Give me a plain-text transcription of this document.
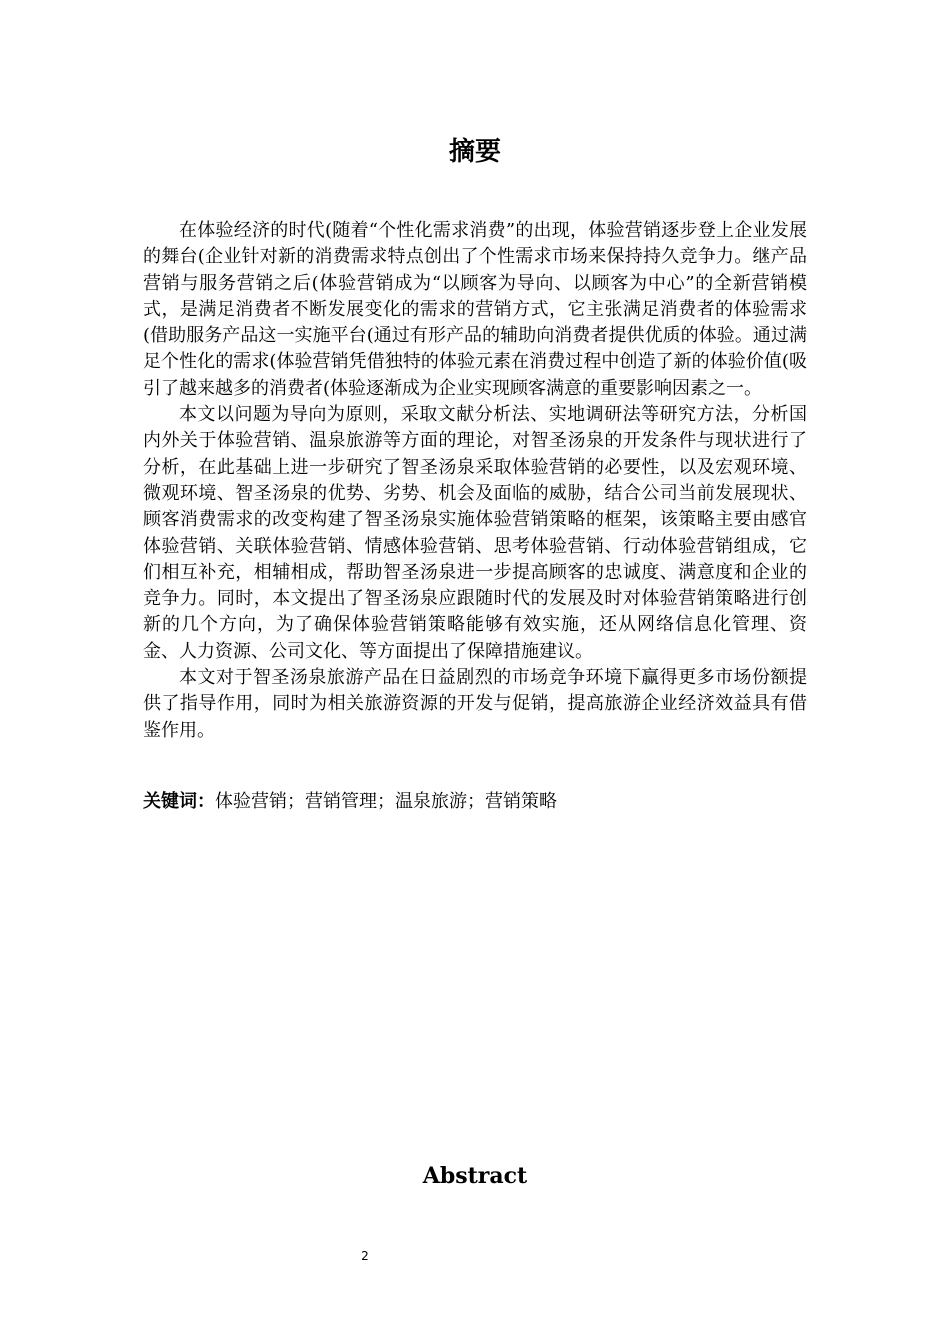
摘要

在体验经济的时代(随着“个性化需求消费”的出现，体验营销逐步登上企业发展的舞台(企业针对新的消费需求特点创出了个性需求市场来保持持久竞争力。继产品营销与服务营销之后(体验营销成为“以顾客为导向、以顾客为中心”的全新营销模式，是满足消费者不断发展变化的需求的营销方式，它主张满足消费者的体验需求(借助服务产品这一实施平台(通过有形产品的辅助向消费者提供优质的体验。通过满足个性化的需求(体验营销凭借独特的体验元素在消费过程中创造了新的体验价值(吸引了越来越多的消费者(体验逐渐成为企业实现顾客满意的重要影响因素之一。

本文以问题为导向为原则，采取文献分析法、实地调研法等研究方法，分析国内外关于体验营销、温泉旅游等方面的理论，对智圣汤泉的开发条件与现状进行了分析，在此基础上进一步研究了智圣汤泉采取体验营销的必要性，以及宏观环境、微观环境、智圣汤泉的优势、劣势、机会及面临的威胁，结合公司当前发展现状、顾客消费需求的改变构建了智圣汤泉实施体验营销策略的框架，该策略主要由感官体验营销、关联体验营销、情感体验营销、思考体验营销、行动体验营销组成，它们相互补充，相辅相成，帮助智圣汤泉进一步提高顾客的忠诚度、满意度和企业的竞争力。同时，本文提出了智圣汤泉应跟随时代的发展及时对体验营销策略进行创新的几个方向，为了确保体验营销策略能够有效实施，还从网络信息化管理、资金、人力资源、公司文化、等方面提出了保障措施建议。

本文对于智圣汤泉旅游产品在日益剧烈的市场竞争环境下赢得更多市场份额提供了指导作用，同时为相关旅游资源的开发与促销，提高旅游企业经济效益具有借鉴作用。

关键词：体验营销；营销管理；温泉旅游；营销策略
Abstract
2
